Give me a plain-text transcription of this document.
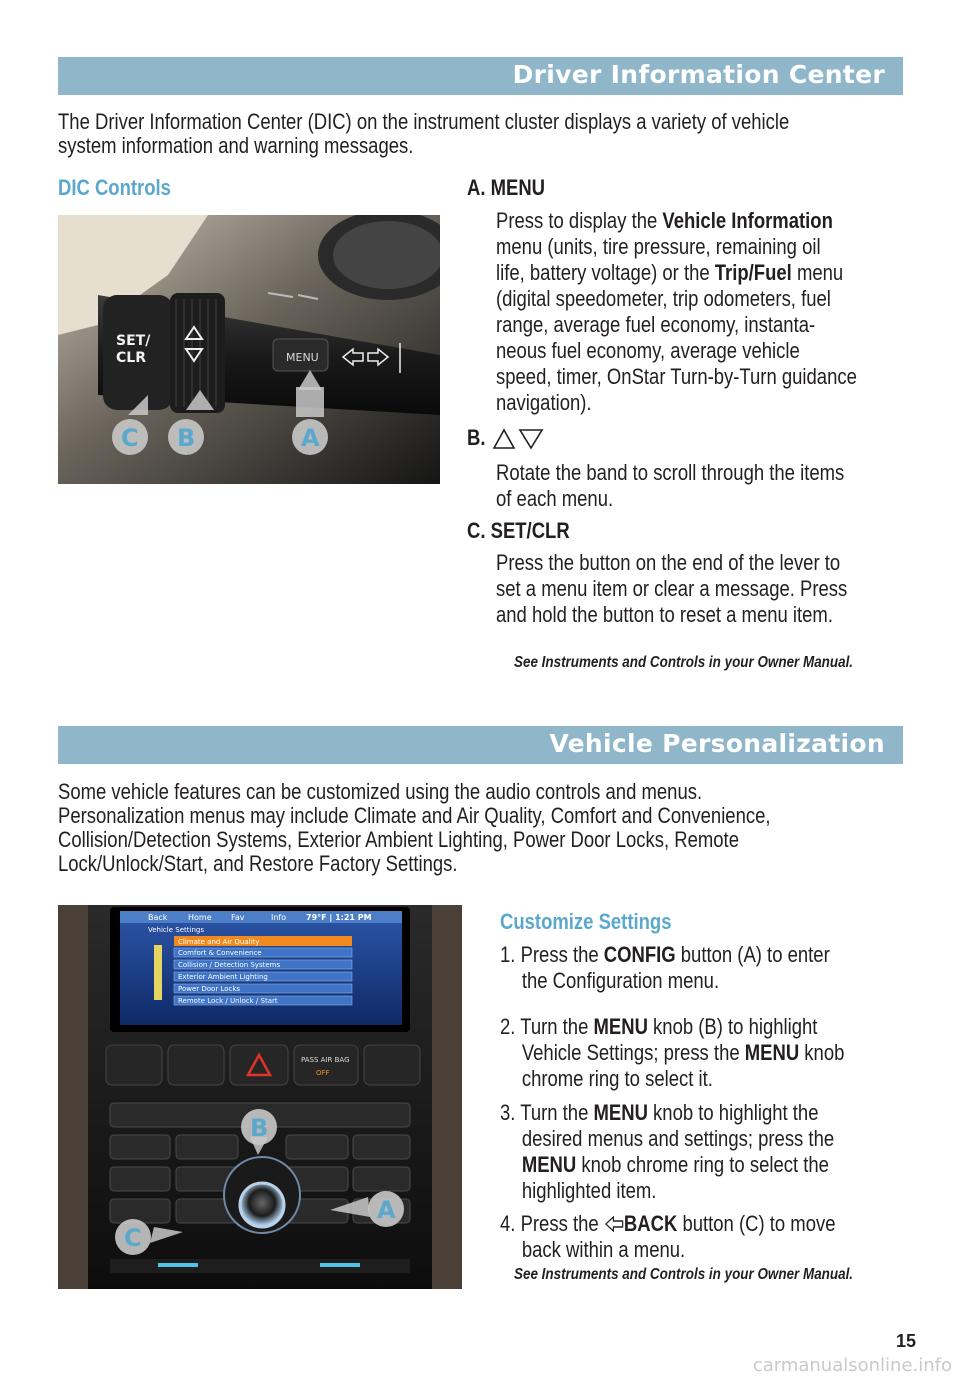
Driver Information Center
The Driver Information Center (DIC) on the instrument cluster displays a variety of vehicle
system information and warning messages.
DIC Controls
SET/
CLR	MENU
C B	A
A. MENU
Press to display the Vehicle Information
menu (units, tire pressure, remaining oil
life, battery voltage) or the Trip/Fuel menu
(digital speedometer, trip odometers, fuel
range, average fuel economy, instanta-
neous fuel economy, average vehicle
speed, timer, OnStar Turn-by-Turn guidance
navigation).
B.
Rotate the band to scroll through the items
of each menu.
C. SET/CLR
Press the button on the end of the lever to
set a menu item or clear a message. Press
and hold the button to reset a menu item.
See Instruments and Controls in your Owner Manual.
Vehicle Personalization
Some vehicle features can be customized using the audio controls and menus.
Personalization menus may include Climate and Air Quality, Comfort and Convenience,
Collision/Detection Systems, Exterior Ambient Lighting, Power Door Locks, Remote
Lock/Unlock/Start, and Restore Factory Settings.
Back	Home Fav	Info 79°F | 1:21 PM
Vehicle Settings
Climate and Air Quality
Comfort & Convenience
Collision / Detection Systems
Exterior Ambient Lighting
Power Door Locks
Remote Lock / Unlock / Start
PASS AIR BAG
OFF
B
A
C
Customize Settings
1. Press the CONFIG button (A) to enter
the Configuration menu.
2. Turn the MENU knob (B) to highlight
Vehicle Settings; press the MENU knob
chrome ring to select it.
3. Turn the MENU knob to highlight the
desired menus and settings; press the
MENU knob chrome ring to select the
highlighted item.
4. Press the BACK button (C) to move
back within a menu.
See Instruments and Controls in your Owner Manual.
15
carmanualsonline.info
